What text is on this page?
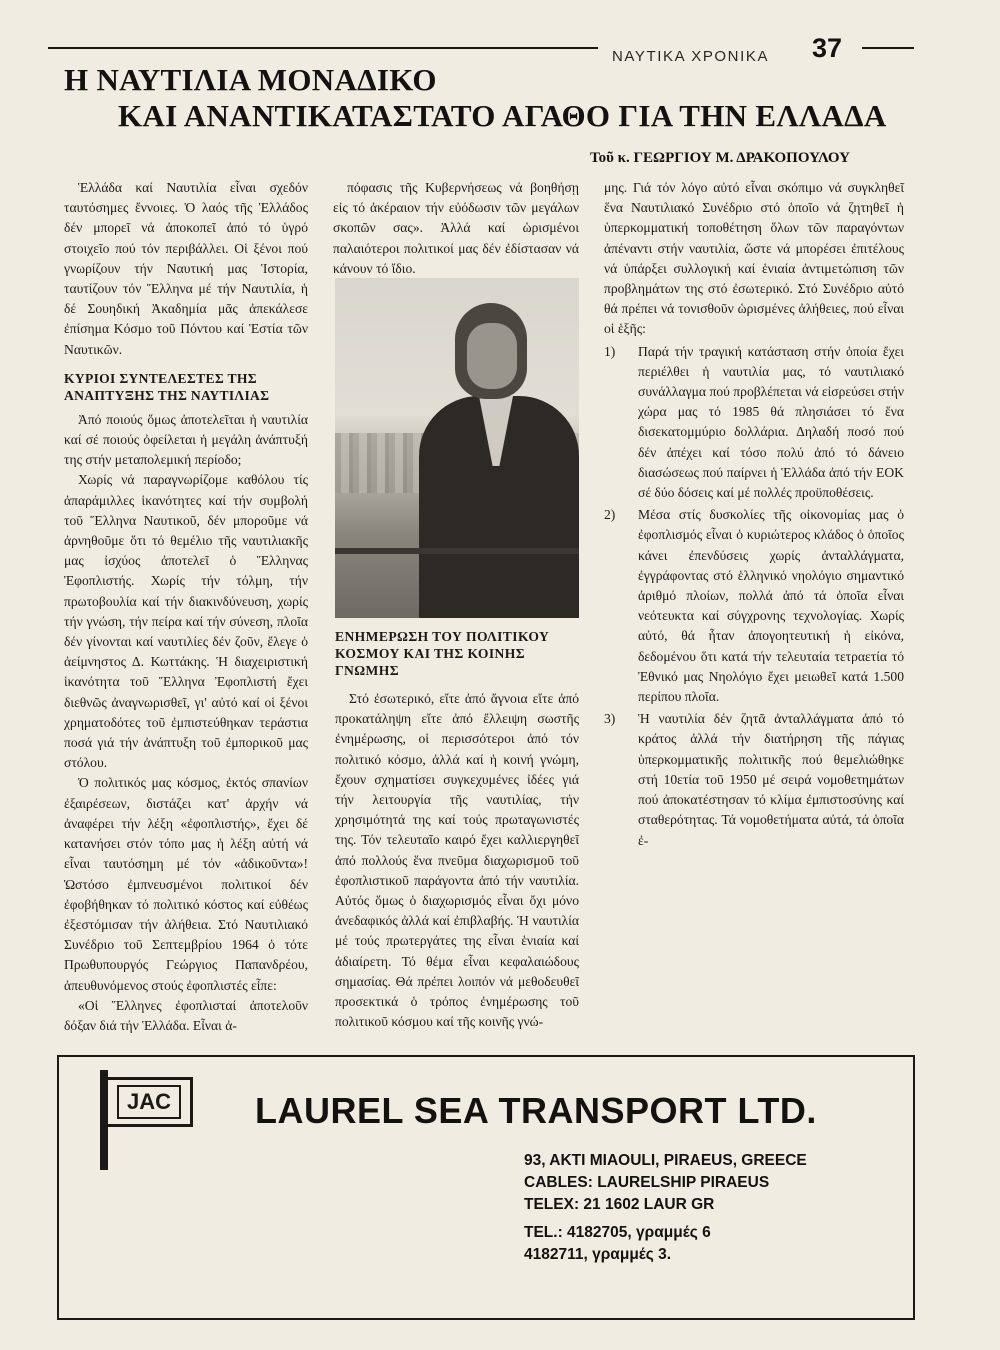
ΝΑΥΤΙΚΑ ΧΡΟΝΙΚΑ 37
Η ΝΑΥΤΙΛΙΑ ΜΟΝΑΔΙΚΟ
ΚΑΙ ΑΝΑΝΤΙΚΑΤΑΣΤΑΤΟ ΑΓΑΘΟ ΓΙΑ ΤΗΝ ΕΛΛΑΔΑ
Τοῦ κ. ΓΕΩΡΓΙΟΥ Μ. ΔΡΑΚΟΠΟΥΛΟΥ

Ἑλλάδα καί Ναυτιλία εἶναι σχεδόν ταυτόσημες ἔννοιες. Ὁ λαός τῆς Ἑλλάδος δέν μπορεῖ νά ἀποκοπεῖ ἀπό τό ὑγρό στοιχεῖο πού τόν περιβάλλει. Οἱ ξένοι πού γνωρίζουν τήν Ναυτική μας Ἱστορία, ταυτίζουν τόν Ἕλληνα μέ τήν Ναυτιλία, ἡ δέ Σουηδική Ἀκαδημία μᾶς ἀπεκάλεσε ἐπίσημα Κόσμο τοῦ Πόντου καί Ἑστία τῶν Ναυτικῶν.

ΚΥΡΙΟΙ ΣΥΝΤΕΛΕΣΤΕΣ ΤΗΣ ΑΝΑΠΤΥΞΗΣ ΤΗΣ ΝΑΥΤΙΛΙΑΣ

Ἀπό ποιούς ὅμως ἀποτελεῖται ἡ ναυτιλία καί σέ ποιούς ὀφείλεται ἡ μεγάλη ἀνάπτυξή της στήν μεταπολεμική περίοδο;

Χωρίς νά παραγνωρίζομε καθόλου τίς ἀπαράμιλλες ἱκανότητες καί τήν συμβολή τοῦ Ἕλληνα Ναυτικοῦ, δέν μποροῦμε νά ἀρνηθοῦμε ὅτι τό θεμέλιο τῆς ναυτιλιακῆς μας ἰσχύος ἀποτελεῖ ὁ Ἕλληνας Ἐφοπλιστής. Χωρίς τήν τόλμη, τήν πρωτοβουλία καί τήν διακινδύνευση, χωρίς τήν γνώση, τήν πείρα καί τήν σύνεση, πλοῖα δέν γίνονται καί ναυτιλίες δέν ζοῦν, ἔλεγε ὁ ἀείμνηστος Δ. Κωττάκης. Ἡ διαχειριστική ἱκανότητα τοῦ Ἕλληνα Ἐφοπλιστή ἔχει διεθνῶς ἀναγνωρισθεῖ, γι' αὐτό καί οἱ ξένοι χρηματοδότες τοῦ ἐμπιστεύθηκαν τεράστια ποσά γιά τήν ἀνάπτυξη τοῦ ἐμπορικοῦ μας στόλου.

Ὁ πολιτικός μας κόσμος, ἐκτός σπανίων ἐξαιρέσεων, διστάζει κατ' ἀρχήν νά ἀναφέρει τήν λέξη «ἐφοπλιστής», ἔχει δέ κατανήσει στόν τόπο μας ἡ λέξη αὐτή νά εἶναι ταυτόσημη μέ τόν «ἀδικοῦντα»! Ὡστόσο ἐμπνευσμένοι πολιτικοί δέν ἐφοβήθηκαν τό πολιτικό κόστος καί εὐθέως ἐξεστόμισαν τήν ἀλήθεια. Στό Ναυτιλιακό Συνέδριο τοῦ Σεπτεμβρίου 1964 ὁ τότε Πρωθυπουργός Γεώργιος Παπανδρέου, ἀπευθυνόμενος στούς ἐφοπλιστές εἶπε:

«Οἱ Ἕλληνες ἐφοπλισταί ἀποτελοῦν δόξαν διά τήν Ἑλλάδα. Εἶναι ἀ-

πόφασις τῆς Κυβερνήσεως νά βοηθήσῃ εἰς τό ἀκέραιον τήν εὐόδωσιν τῶν μεγάλων σκοπῶν σας». Ἀλλά καί ὡρισμένοι παλαιότεροι πολιτικοί μας δέν ἐδίστασαν νά κάνουν τό ἴδιο.

ΕΝΗΜΕΡΩΣΗ ΤΟΥ ΠΟΛΙΤΙΚΟΥ ΚΟΣΜΟΥ ΚΑΙ ΤΗΣ ΚΟΙΝΗΣ ΓΝΩΜΗΣ

Στό ἐσωτερικό, εἴτε ἀπό ἄγνοια εἴτε ἀπό προκατάληψη εἴτε ἀπό ἔλλειψη σωστῆς ἐνημέρωσης, οἱ περισσότεροι ἀπό τόν πολιτικό κόσμο, ἀλλά καί ἡ κοινή γνώμη, ἔχουν σχηματίσει συγκεχυμένες ἰδέες γιά τήν λειτουργία τῆς ναυτιλίας, τήν χρησιμότητά της καί τούς πρωταγωνιστές της. Τόν τελευταῖο καιρό ἔχει καλλιεργηθεῖ ἀπό πολλούς ἕνα πνεῦμα διαχωρισμοῦ τοῦ ἐφοπλιστικοῦ παράγοντα ἀπό τήν ναυτιλία. Αὐτός ὅμως ὁ διαχωρισμός εἶναι ὄχι μόνο ἀνεδαφικός ἀλλά καί ἐπιβλαβής. Ἡ ναυτιλία μέ τούς πρωτεργάτες της εἶναι ἑνιαία καί ἀδιαίρετη. Τό θέμα εἶναι κεφαλαιώδους σημασίας. Θά πρέπει λοιπόν νά μεθοδευθεῖ προσεκτικά ὁ τρόπος ἐνημέρωσης τοῦ πολιτικοῦ κόσμου καί τῆς κοινῆς γνώ-

μης. Γιά τόν λόγο αὐτό εἶναι σκόπιμο νά συγκληθεῖ ἕνα Ναυτιλιακό Συνέδριο στό ὁποῖο νά ζητηθεῖ ἡ ὑπερκομματική τοποθέτηση ὅλων τῶν παραγόντων ἀπέναντι στήν ναυτιλία, ὥστε νά μπορέσει ἐπιτέλους νά ὑπάρξει συλλογική καί ἑνιαία ἀντιμετώπιση τῶν προβλημάτων της στό ἐσωτερικό. Στό Συνέδριο αὐτό θά πρέπει νά τονισθοῦν ὡρισμένες ἀλήθειες, πού εἶναι οἱ ἑξῆς:

1)	Παρά τήν τραγική κατάσταση στήν ὁποία ἔχει περιέλθει ἡ ναυτιλία μας, τό ναυτιλιακό συνάλλαγμα πού προβλέπεται νά εἰσρεύσει στήν χώρα μας τό 1985 θά πλησιάσει τό ἕνα δισεκατομμύριο δολλάρια. Δηλαδή ποσό πού δέν ἀπέχει καί τόσο πολύ ἀπό τό δάνειο διασώσεως πού παίρνει ἡ Ἑλλάδα ἀπό τήν ΕΟΚ σέ δύο δόσεις καί μέ πολλές προϋποθέσεις.
2)	Μέσα στίς δυσκολίες τῆς οἰκονομίας μας ὁ ἐφοπλισμός εἶναι ὁ κυριώτερος κλάδος ὁ ὁποῖος κάνει ἐπενδύσεις χωρίς ἀνταλλάγματα, ἐγγράφοντας στό ἑλληνικό νηολόγιο σημαντικό ἀριθμό πλοίων, πολλά ἀπό τά ὁποῖα εἶναι νεότευκτα καί σύγχρονης τεχνολογίας. Χωρίς αὐτό, θά ἦταν ἀπογοητευτική ἡ εἰκόνα, δεδομένου ὅτι κατά τήν τελευταία τετραετία τό Ἐθνικό μας Νηολόγιο ἔχει μειωθεῖ κατά 1.500 περίπου πλοῖα.
3)	Ἡ ναυτιλία δέν ζητᾶ ἀνταλλάγματα ἀπό τό κράτος ἀλλά τήν διατήρηση τῆς πάγιας ὑπερκομματικῆς πολιτικῆς πού θεμελιώθηκε στή 10ετία τοῦ 1950 μέ σειρά νομοθετημάτων πού ἀποκατέστησαν τό κλίμα ἐμπιστοσύνης καί σταθερότητας. Τά νομοθετήματα αὐτά, τά ὁποῖα ἐ-
JAC LAUREL SEA TRANSPORT LTD.
93, AKTI MIAOULI, PIRAEUS, GREECE
CABLES: LAURELSHIP PIRAEUS
TELEX: 21 1602 LAUR GR
TEL.: 4182705, γραμμές 6
4182711, γραμμές 3.
